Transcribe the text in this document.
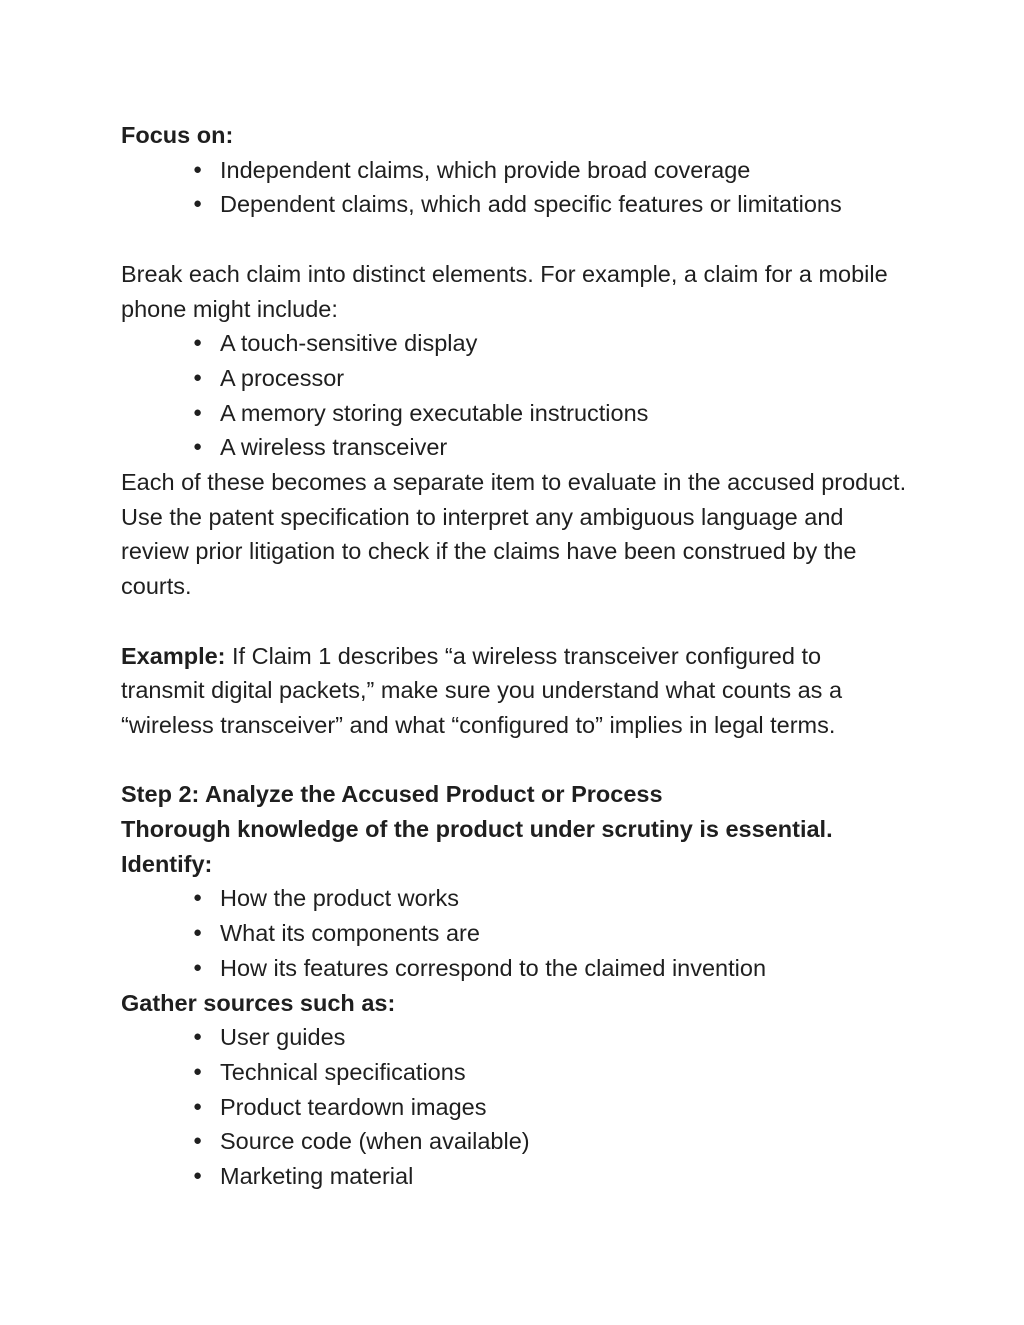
Focus on:

● Independent claims, which provide broad coverage
● Dependent claims, which add specific features or limitations

Break each claim into distinct elements. For example, a claim for a mobile phone might include:

● A touch-sensitive display
● A processor
● A memory storing executable instructions
● A wireless transceiver

Each of these becomes a separate item to evaluate in the accused product. Use the patent specification to interpret any ambiguous language and review prior litigation to check if the claims have been construed by the courts.

Example: If Claim 1 describes “a wireless transceiver configured to transmit digital packets,” make sure you understand what counts as a “wireless transceiver” and what “configured to” implies in legal terms.

Step 2: Analyze the Accused Product or Process

Thorough knowledge of the product under scrutiny is essential. Identify:

● How the product works
● What its components are
● How its features correspond to the claimed invention

Gather sources such as:

● User guides
● Technical specifications
● Product teardown images
● Source code (when available)
● Marketing material
